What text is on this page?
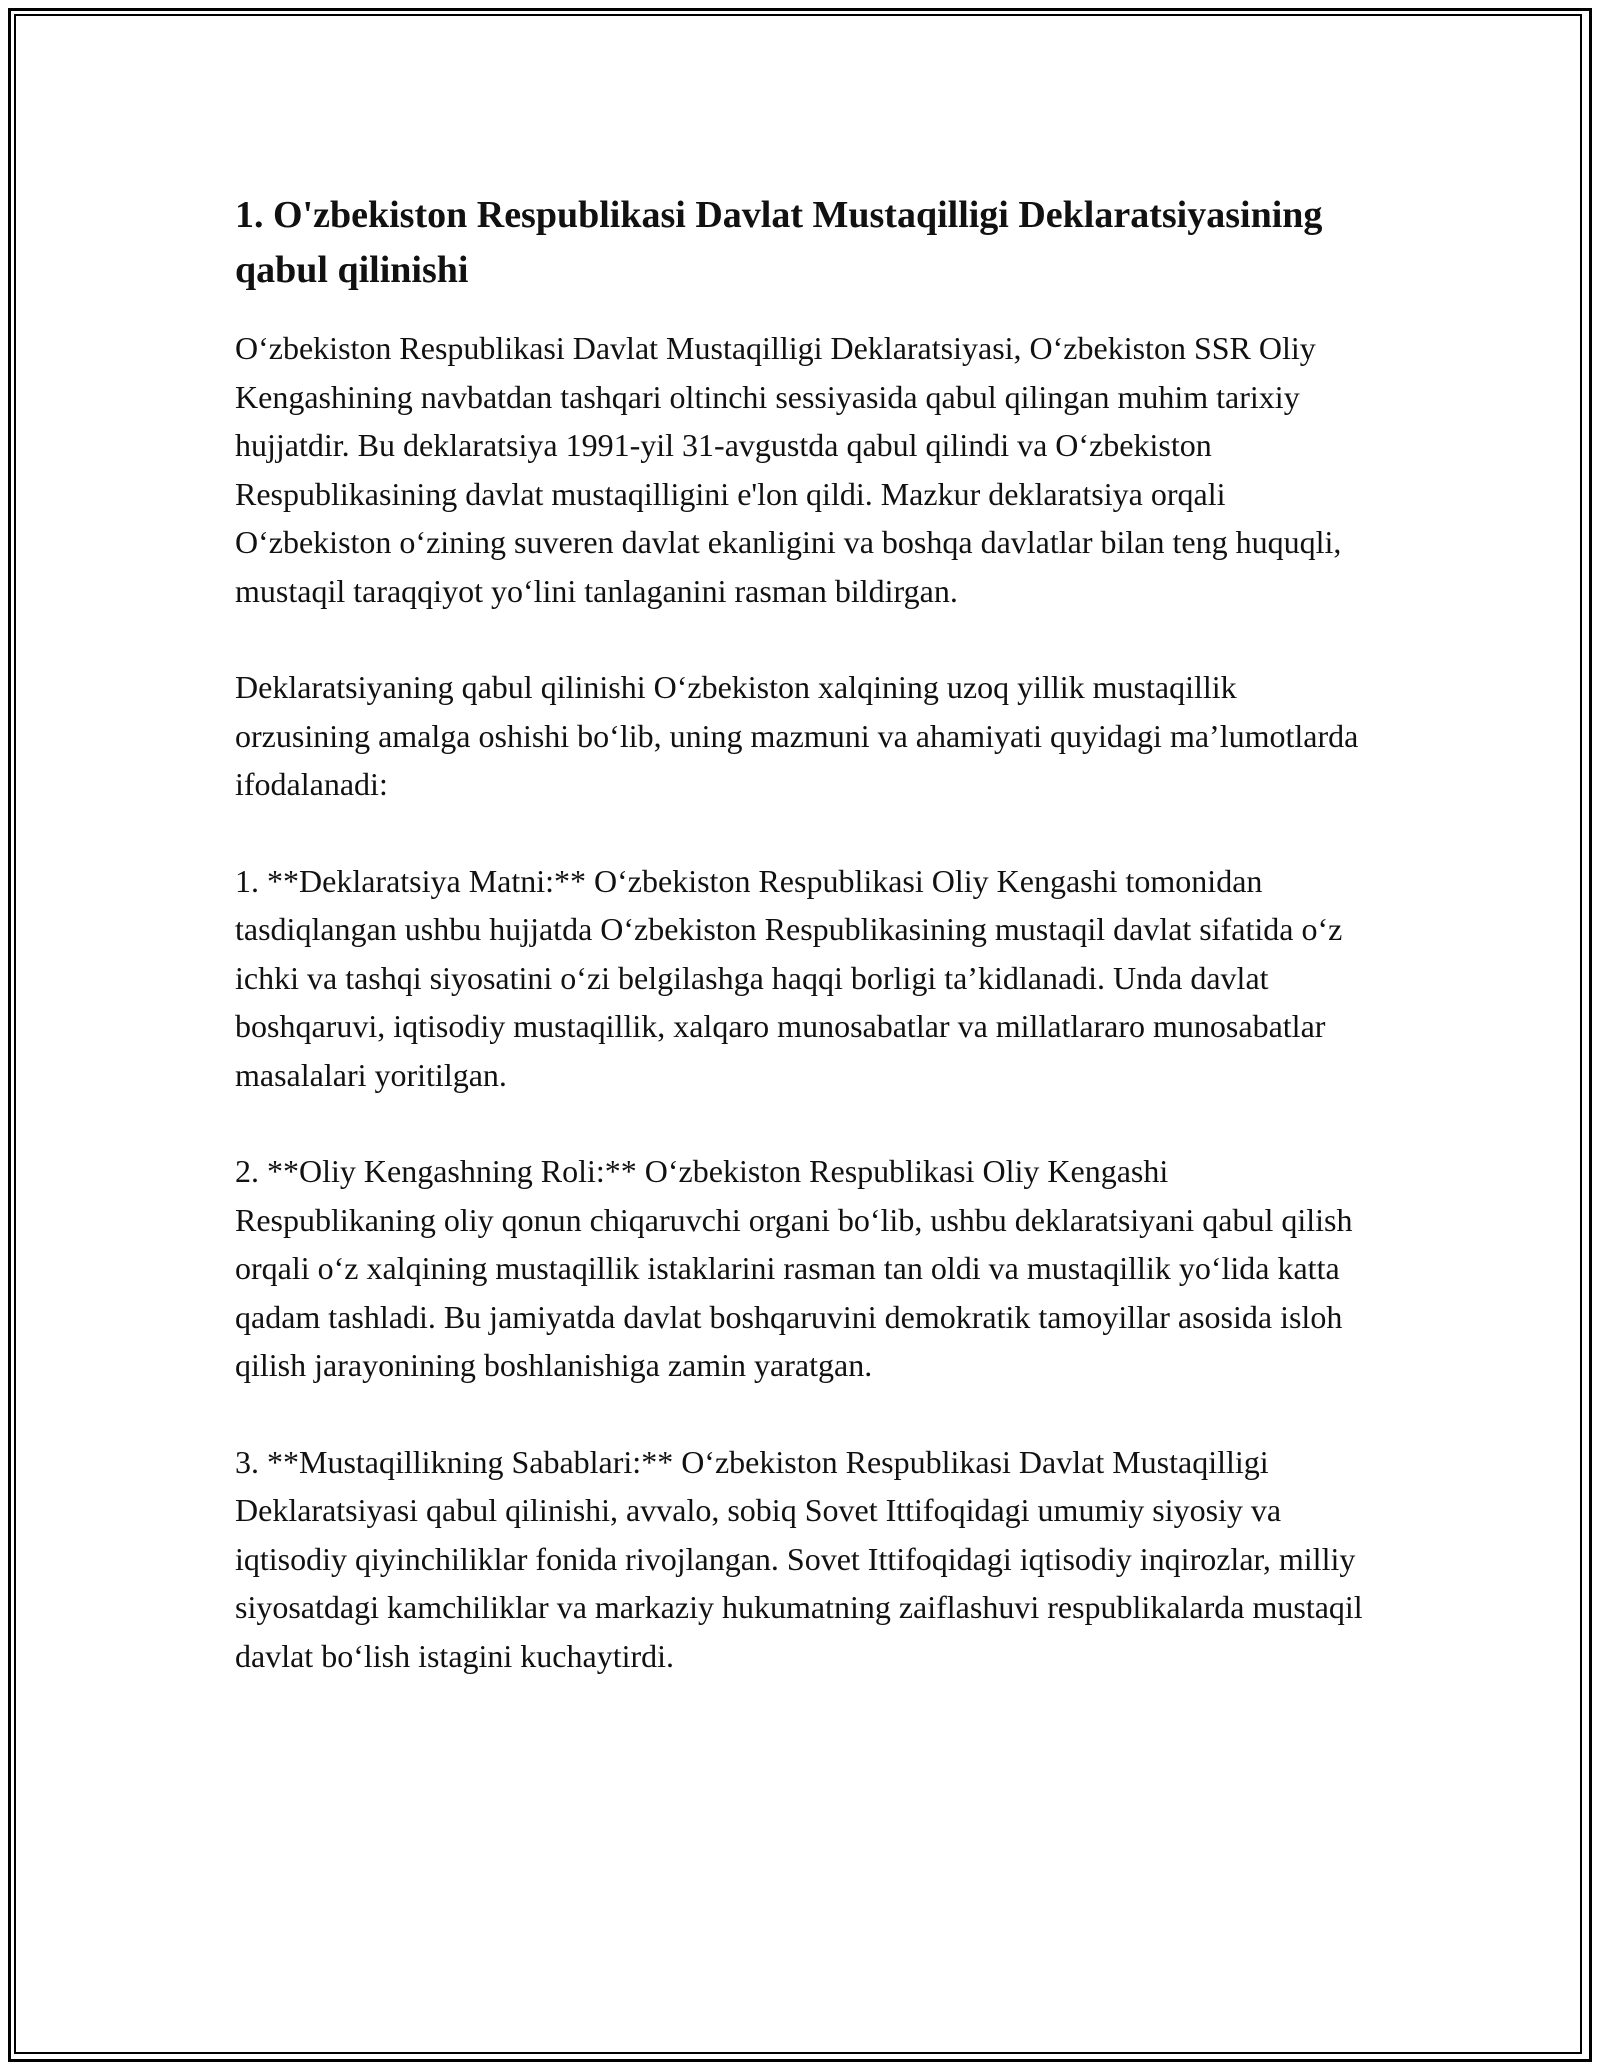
1. O'zbekiston Respublikasi Davlat Mustaqilligi Deklaratsiyasining qabul qilinishi

O‘zbekiston Respublikasi Davlat Mustaqilligi Deklaratsiyasi, O‘zbekiston SSR Oliy Kengashining navbatdan tashqari oltinchi sessiyasida qabul qilingan muhim tarixiy hujjatdir. Bu deklaratsiya 1991-yil 31-avgustda qabul qilindi va O‘zbekiston Respublikasining davlat mustaqilligini e'lon qildi. Mazkur deklaratsiya orqali O‘zbekiston o‘zining suveren davlat ekanligini va boshqa davlatlar bilan teng huquqli, mustaqil taraqqiyot yo‘lini tanlaganini rasman bildirgan.

Deklaratsiyaning qabul qilinishi O‘zbekiston xalqining uzoq yillik mustaqillik orzusining amalga oshishi bo‘lib, uning mazmuni va ahamiyati quyidagi ma’lumotlarda ifodalanadi:

1. **Deklaratsiya Matni:** O‘zbekiston Respublikasi Oliy Kengashi tomonidan tasdiqlangan ushbu hujjatda O‘zbekiston Respublikasining mustaqil davlat sifatida o‘z ichki va tashqi siyosatini o‘zi belgilashga haqqi borligi ta’kidlanadi. Unda davlat boshqaruvi, iqtisodiy mustaqillik, xalqaro munosabatlar va millatlararo munosabatlar masalalari yoritilgan.

2. **Oliy Kengashning Roli:** O‘zbekiston Respublikasi Oliy Kengashi Respublikaning oliy qonun chiqaruvchi organi bo‘lib, ushbu deklaratsiyani qabul qilish orqali o‘z xalqining mustaqillik istaklarini rasman tan oldi va mustaqillik yo‘lida katta qadam tashladi. Bu jamiyatda davlat boshqaruvini demokratik tamoyillar asosida isloh qilish jarayonining boshlanishiga zamin yaratgan.

3. **Mustaqillikning Sabablari:** O‘zbekiston Respublikasi Davlat Mustaqilligi Deklaratsiyasi qabul qilinishi, avvalo, sobiq Sovet Ittifoqidagi umumiy siyosiy va iqtisodiy qiyinchiliklar fonida rivojlangan. Sovet Ittifoqidagi iqtisodiy inqirozlar, milliy siyosatdagi kamchiliklar va markaziy hukumatning zaiflashuvi respublikalarda mustaqil davlat bo‘lish istagini kuchaytirdi.
